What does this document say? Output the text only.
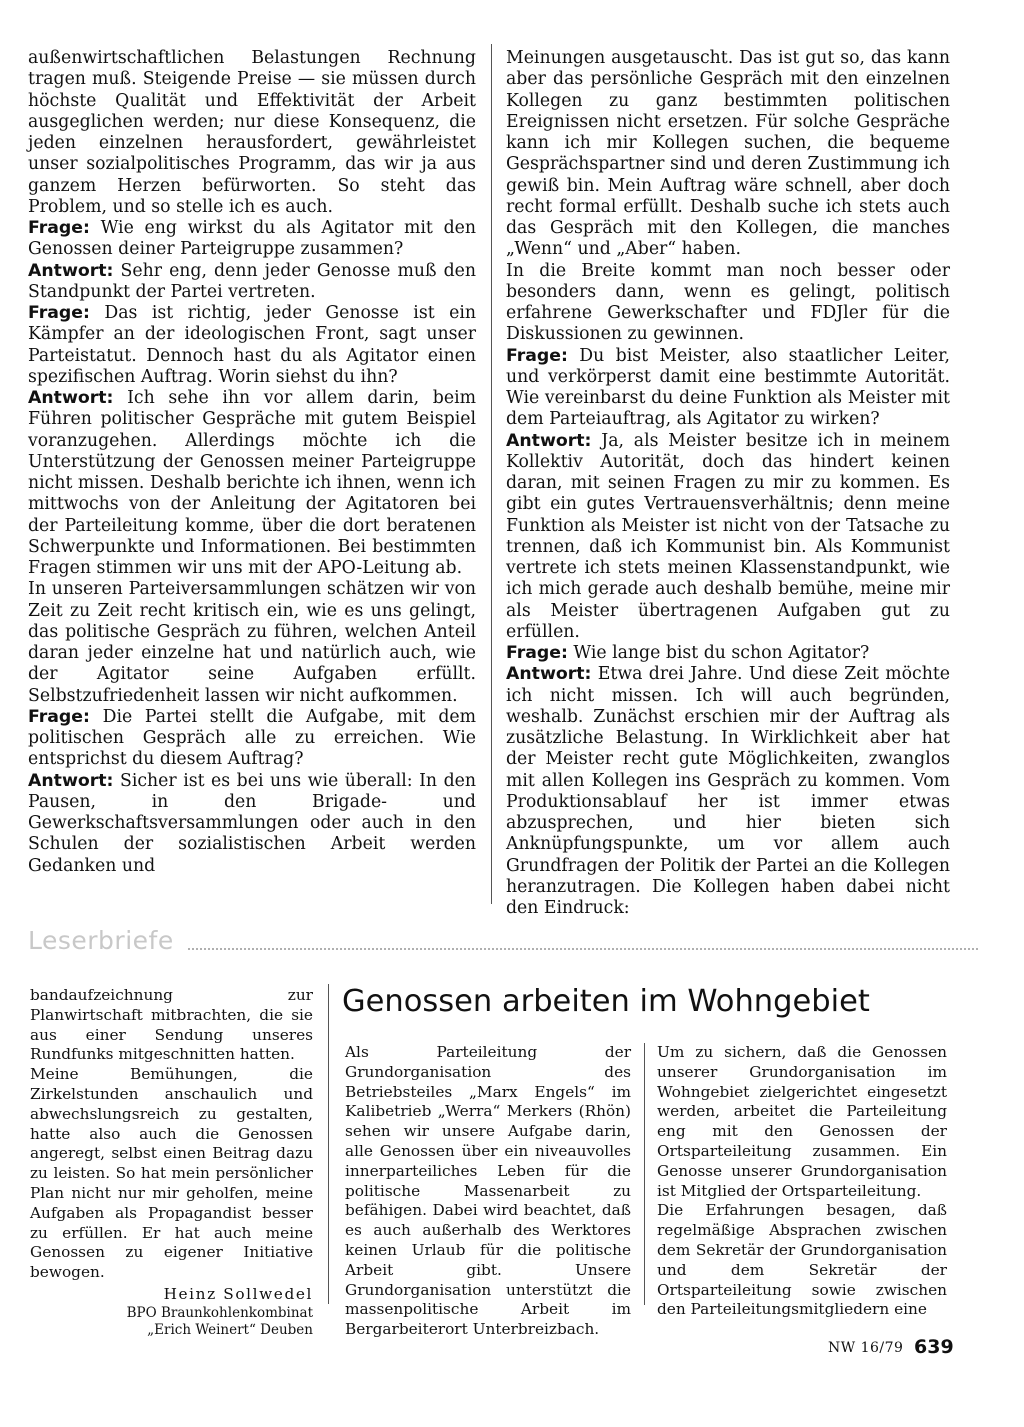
außenwirtschaftlichen Belastungen Rechnung tragen muß. Steigende Preise — sie müssen durch höchste Qualität und Effektivität der Arbeit ausgeglichen werden; nur diese Konsequenz, die jeden einzelnen herausfordert, gewährleistet unser sozialpolitisches Programm, das wir ja aus ganzem Herzen befürworten. So steht das Problem, und so stelle ich es auch.

Frage: Wie eng wirkst du als Agitator mit den Genossen deiner Parteigruppe zusammen?

Antwort: Sehr eng, denn jeder Genosse muß den Standpunkt der Partei vertreten.

Frage: Das ist richtig, jeder Genosse ist ein Kämpfer an der ideologischen Front, sagt unser Parteistatut. Dennoch hast du als Agitator einen spezifischen Auftrag. Worin siehst du ihn?

Antwort: Ich sehe ihn vor allem darin, beim Führen politischer Gespräche mit gutem Beispiel voranzugehen. Allerdings möchte ich die Unterstützung der Genossen meiner Parteigruppe nicht missen. Deshalb berichte ich ihnen, wenn ich mittwochs von der Anleitung der Agitatoren bei der Parteileitung komme, über die dort beratenen Schwerpunkte und Informationen. Bei bestimmten Fragen stimmen wir uns mit der APO-Leitung ab.

In unseren Parteiversammlungen schätzen wir von Zeit zu Zeit recht kritisch ein, wie es uns gelingt, das politische Gespräch zu führen, welchen Anteil daran jeder einzelne hat und natürlich auch, wie der Agitator seine Aufgaben erfüllt. Selbstzufriedenheit lassen wir nicht aufkommen.

Frage: Die Partei stellt die Aufgabe, mit dem politischen Gespräch alle zu erreichen. Wie entsprichst du diesem Auftrag?

Antwort: Sicher ist es bei uns wie überall: In den Pausen, in den Brigade- und Gewerkschaftsversammlungen oder auch in den Schulen der sozialistischen Arbeit werden Gedanken und

Meinungen ausgetauscht. Das ist gut so, das kann aber das persönliche Gespräch mit den einzelnen Kollegen zu ganz bestimmten politischen Ereignissen nicht ersetzen. Für solche Gespräche kann ich mir Kollegen suchen, die bequeme Gesprächspartner sind und deren Zustimmung ich gewiß bin. Mein Auftrag wäre schnell, aber doch recht formal erfüllt. Deshalb suche ich stets auch das Gespräch mit den Kollegen, die manches „Wenn“ und „Aber“ haben.

In die Breite kommt man noch besser oder besonders dann, wenn es gelingt, politisch erfahrene Gewerkschafter und FDJler für die Diskussionen zu gewinnen.

Frage: Du bist Meister, also staatlicher Leiter, und verkörperst damit eine bestimmte Autorität. Wie vereinbarst du deine Funktion als Meister mit dem Parteiauftrag, als Agitator zu wirken?

Antwort: Ja, als Meister besitze ich in meinem Kollektiv Autorität, doch das hindert keinen daran, mit seinen Fragen zu mir zu kommen. Es gibt ein gutes Vertrauensverhältnis; denn meine Funktion als Meister ist nicht von der Tatsache zu trennen, daß ich Kommunist bin. Als Kommunist vertrete ich stets meinen Klassenstandpunkt, wie ich mich gerade auch deshalb bemühe, meine mir als Meister übertragenen Aufgaben gut zu erfüllen.

Frage: Wie lange bist du schon Agitator?

Antwort: Etwa drei Jahre. Und diese Zeit möchte ich nicht missen. Ich will auch begründen, weshalb. Zunächst erschien mir der Auftrag als zusätzliche Belastung. In Wirklichkeit aber hat der Meister recht gute Möglichkeiten, zwanglos mit allen Kollegen ins Gespräch zu kommen. Vom Produktionsablauf her ist immer etwas abzusprechen, und hier bieten sich Anknüpfungspunkte, um vor allem auch Grundfragen der Politik der Partei an die Kollegen heranzutragen. Die Kollegen haben dabei nicht den Eindruck:

Leserbriefe

bandaufzeichnung zur Planwirtschaft mitbrachten, die sie aus einer Sendung unseres Rundfunks mitgeschnitten hatten.

Meine Bemühungen, die Zirkelstunden anschaulich und abwechslungsreich zu gestalten, hatte also auch die Genossen angeregt, selbst einen Beitrag dazu zu leisten. So hat mein persönlicher Plan nicht nur mir geholfen, meine Aufgaben als Propagandist besser zu erfüllen. Er hat auch meine Genossen zu eigener Initiative bewogen.

Heinz Sollwedel
BPO Braunkohlenkombinat
„Erich Weinert“ Deuben
Genossen arbeiten im Wohngebiet

Als Parteileitung der Grundorganisation des Betriebsteiles „Marx Engels“ im Kalibetrieb „Werra“ Merkers (Rhön) sehen wir unsere Aufgabe darin, alle Genossen über ein niveauvolles innerparteiliches Leben für die politische Massenarbeit zu befähigen. Dabei wird beachtet, daß es auch außerhalb des Werktores keinen Urlaub für die politische Arbeit gibt. Unsere Grundorganisation unterstützt die massenpolitische Arbeit im Bergarbeiterort Unterbreizbach.

Um zu sichern, daß die Genossen unserer Grundorganisation im Wohngebiet zielgerichtet eingesetzt werden, arbeitet die Parteileitung eng mit den Genossen der Ortsparteileitung zusammen. Ein Genosse unserer Grundorganisation ist Mitglied der Ortsparteileitung.

Die Erfahrungen besagen, daß regelmäßige Absprachen zwischen dem Sekretär der Grundorganisation und dem Sekretär der Ortsparteileitung sowie zwischen den Parteileitungsmitgliedern eine

NW 16/79 639
